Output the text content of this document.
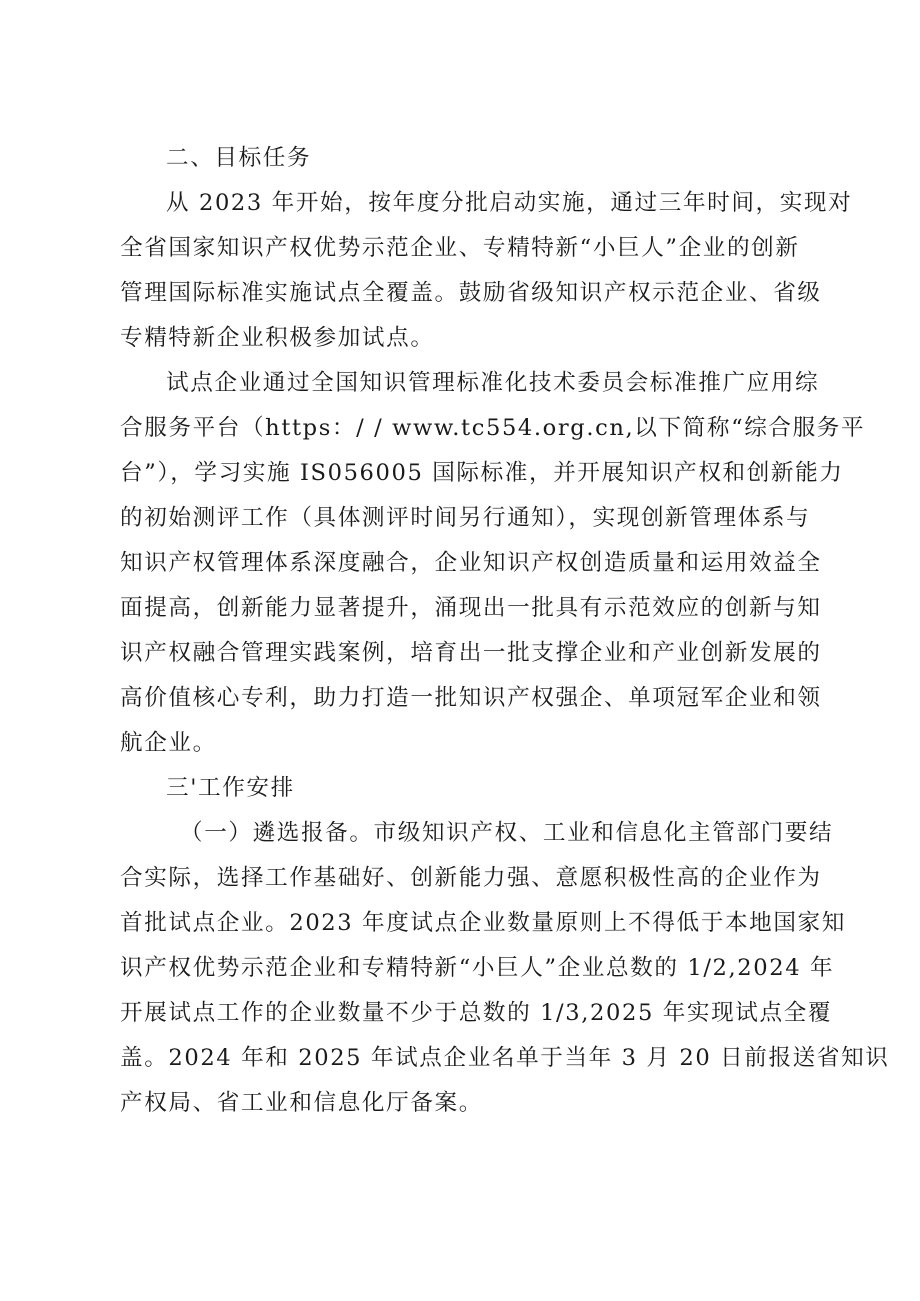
二、目标任务

从 2023 年开始，按年度分批启动实施，通过三年时间，实现对
全省国家知识产权优势示范企业、专精特新“小巨人”企业的创新
管理国际标准实施试点全覆盖。鼓励省级知识产权示范企业、省级
专精特新企业积极参加试点。

试点企业通过全国知识管理标准化技术委员会标准推广应用综
合服务平台（https：/ / www.tc554.org.cn,以下简称“综合服务平
台”），学习实施 IS056005 国际标准，并开展知识产权和创新能力
的初始测评工作（具体测评时间另行通知），实现创新管理体系与
知识产权管理体系深度融合，企业知识产权创造质量和运用效益全
面提高，创新能力显著提升，涌现出一批具有示范效应的创新与知
识产权融合管理实践案例，培育出一批支撑企业和产业创新发展的
高价值核心专利，助力打造一批知识产权强企、单项冠军企业和领
航企业。

三'工作安排

（一）遴选报备。市级知识产权、工业和信息化主管部门要结
合实际，选择工作基础好、创新能力强、意愿积极性高的企业作为
首批试点企业。2023 年度试点企业数量原则上不得低于本地国家知
识产权优势示范企业和专精特新“小巨人”企业总数的 1/2,2024 年
开展试点工作的企业数量不少于总数的 1/3,2025 年实现试点全覆
盖。2024 年和 2025 年试点企业名单于当年 3 月 20 日前报送省知识
产权局、省工业和信息化厅备案。
